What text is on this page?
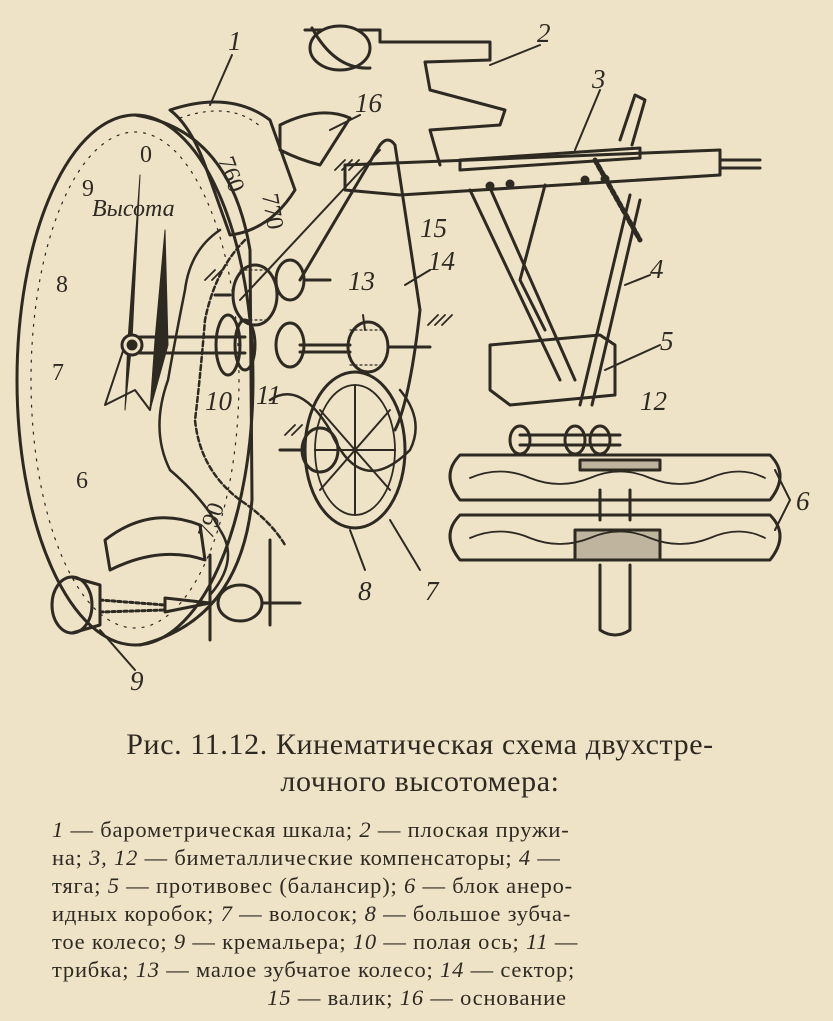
0
9
Высота
8
7
6
760
770
790
1	2
3
16
15
14
13	4
5
12
6
10 11
8 7
9
Рис. 11.12. Кинематическая схема двухстре-
лочного высотомера:
1 — барометрическая шкала; 2 — плоская пружи-
на; 3, 12 — биметаллические компенсаторы; 4 —
тяга; 5 — противовес (балансир); 6 — блок анеро-
идных коробок; 7 — волосок; 8 — большое зубча-
тое колесо; 9 — кремальера; 10 — полая ось; 11 —
трибка; 13 — малое зубчатое колесо; 14 — сектор;
15 — валик; 16 — основание
